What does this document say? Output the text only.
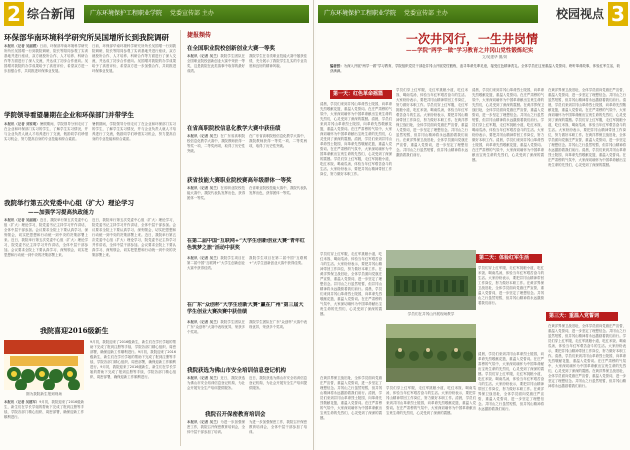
2 综合新闻	广东环境保护工程职业学院 党委宣传部 主办
环保部华南环境科学研究所吴国增所长到我院调研
本报讯（记者 吴丽媛）日前，环保部华南环境科学研究所所长吴国增一行到我院调研，院长等陪同参观了实训基地并进行座谈，双方就校所合作、人才培养、科研合作等方面进行了深入交流，并达成了初步合作意向。吴国增对我院的办学成果给予了高度评价，希望双方进一步加强合作，共同推进环保事业发展。
日前，环保部华南环境科学研究所所长吴国增一行到我院调研，院长等陪同参观了实训基地并进行座谈，双方就校所合作、人才培养、科研合作等方面进行了深入交流，并达成了初步合作意向。吴国增对我院的办学成果给予了高度评价，希望双方进一步加强合作，共同推进环保事业发展。
学院领导看望暑期在企业和环保部门并带学生
本报讯（记者 刘家明）暑假期间，学院领导分别走访了在企业和环保部门实习的学生，了解学生实习情况，并与企业负责人就人才培养进行了交流，勉励同学们珍惜实习机会，努力提高自身的专业技能和综合素质。
暑假期间，学院领导分别走访了在企业和环保部门实习的学生，了解学生实习情况，并与企业负责人就人才培养进行了交流，勉励同学们珍惜实习机会，努力提高自身的专业技能和综合素质。
我院举行第五次党委中心组（扩大）理论学习
——加强学习提高执政能力
本报讯（记者 吴丽娟）近日，我院举行第五次党委中心组（扩大）理论学习，院党委书记主持学习并作讲话，全体中层干部参加。会议要求全院上下要认真学习、深刻领会，切实把思想和行动统一到中央的决策部署上来。近日，我院举行第五次党委中心组（扩大）理论学习，院党委书记主持学习并作讲话，全体中层干部参加。会议要求全院上下要认真学习、深刻领会，切实把思想和行动统一到中央的决策部署上来。
近日，我院举行第五次党委中心组（扩大）理论学习，院党委书记主持学习并作讲话，全体中层干部参加。会议要求全院上下要认真学习、深刻领会，切实把思想和行动统一到中央的决策部署上来。近日，我院举行第五次党委中心组（扩大）理论学习，院党委书记主持学习并作讲话，全体中层干部参加。会议要求全院上下要认真学习、深刻领会，切实把思想和行动统一到中央的决策部署上来。
我院喜迎2016级新生
图为我院新生报到现场
本报讯（记者 吴建军）9月初，我院迎来了2016级新生，新生们在学长学姐的帮助下完成了报到注册等手续，学院各部门精心组织、周密部署，确保迎新工作顺利进行。
9月初，我院迎来了2016级新生，新生们在学长学姐的帮助下完成了报到注册等手续，学院各部门精心组织、周密部署，确保迎新工作顺利进行。9月初，我院迎来了2016级新生，新生们在学长学姐的帮助下完成了报到注册等手续，学院各部门精心组织、周密部署，确保迎新工作顺利进行。9月初，我院迎来了2016级新生，新生们在学长学姐的帮助下完成了报到注册等手续，学院各部门精心组织、周密部署，确保迎新工作顺利进行。
捷报频传
在全国职业院校创新创业大赛一等奖
本报讯（记者 吴兰）我院学生团队在全国职业院校创新创业大赛中荣获一等奖，这是我院在此类赛事中取得的最好成绩。
我院学生在各类职业技能大赛中屡获佳绩，充分展示了我院学生扎实的专业功底和良好的精神风貌。
在省高职院校信息化教学大赛中获佳绩
本报讯（记者 吴兰）在广东省高职院校信息化教学大赛中，我院教师获得一等奖一项、二等奖两项，取得了历史性突破。
在广东省高职院校信息化教学大赛中，我院教师获得一等奖一项、二等奖两项，取得了历史性突破。
获省技能大赛职业院校赛高年级群体一等奖
本报讯（记者 吴兰）在省职业院校技能大赛中，我院代表队发挥出色，获得团体一等奖。
在省职业院校技能大赛中，我院代表队发挥出色，获得团体一等奖。
在第二届中国“互联网+”大学生创新创业大赛“青年红色筑梦之旅”活动中获奖
本报讯（记者 吴兰）我院学生项目在第二届中国“互联网+”大学生创新创业大赛中获得佳绩。
我院学生项目在第二届中国“互联网+”大学生创新创业大赛中获得佳绩。
在广东“众创杯”大学生创新大赛“赢在广州”第三届大学生创业大赛决赛中获佳绩
本报讯（记者 吴兰）我院学生团队在广东“众创杯”大赛中表现优异，荣获多个奖项。
我院学生团队在广东“众创杯”大赛中表现优异，荣获多个奖项。
我院获选为佛山市安全培训信息登记机构
本报讯（记者 吴兰）近日，我院获选为佛山市安全培训信息登记机构，为社会开展安全生产培训提供服务。
近日，我院获选为佛山市安全培训信息登记机构，为社会开展安全生产培训提供服务。
我院召开保密教育培训会
本报讯（记者 吴兰）为进一步加强保密工作，我院召开保密教育培训会，全体中层干部参加了培训。
为进一步加强保密工作，我院召开保密教育培训会，全体中层干部参加了培训。
广东环境保护工程职业学院 党委宣传部 主办	校园视点 3
一次井冈行，一生井岗情
——学院“两学一做”学习教育之井冈山党性锻炼纪实
文/吴建华 图/刘
编者按：为深入开展“两学一做”学习教育，学院组织党员干部赴井冈山开展党性锻炼，追寻革命先辈足迹，接受红色精神洗礼。全体学员在这里重温入党誓词，聆听革命故事，体验红军生活，收获满满。
第一天：红色革命摇篮
清晨，学员们来到井冈山革命烈士陵园，向革命先烈敬献花篮，重温入党誓词。在庄严肃穆的气氛中，大家深切缅怀为中国革命献出宝贵生命的先烈们，心灵受到了深深的震撼。清晨，学员们来到井冈山革命烈士陵园，向革命先烈敬献花篮，重温入党誓词。在庄严肃穆的气氛中，大家深切缅怀为中国革命献出宝贵生命的先烈们，心灵受到了深深的震撼。清晨，学员们来到井冈山革命烈士陵园，向革命先烈敬献花篮，重温入党誓词。在庄严肃穆的气氛中，大家深切缅怀为中国革命献出宝贵生命的先烈们，心灵受到了深深的震撼。学员们穿上红军服，走红军挑粮小道，吃红米饭、喝南瓜汤，体验当年红军艰苦奋斗的生活。大家纷纷表示，要把井冈山精神带回工作岗位，努力做好本职工作。
学员们穿上红军服，走红军挑粮小道，吃红米饭、喝南瓜汤，体验当年红军艰苦奋斗的生活。大家纷纷表示，要把井冈山精神带回工作岗位，努力做好本职工作。学员们穿上红军服，走红军挑粮小道，吃红米饭、喝南瓜汤，体验当年红军艰苦奋斗的生活。大家纷纷表示，要把井冈山精神带回工作岗位，努力做好本职工作。在黄洋界保卫战旧址，全体学员面向党旗庄严宣誓，重温入党誓词，进一步坚定了理想信念。井冈山之行虽然短暂，但井冈山精神将永远激励着我们前行。在黄洋界保卫战旧址，全体学员面向党旗庄严宣誓，重温入党誓词，进一步坚定了理想信念。井冈山之行虽然短暂，但井冈山精神将永远激励着我们前行。
清晨，学员们来到井冈山革命烈士陵园，向革命先烈敬献花篮，重温入党誓词。在庄严肃穆的气氛中，大家深切缅怀为中国革命献出宝贵生命的先烈们，心灵受到了深深的震撼。在黄洋界保卫战旧址，全体学员面向党旗庄严宣誓，重温入党誓词，进一步坚定了理想信念。井冈山之行虽然短暂，但井冈山精神将永远激励着我们前行。学员们穿上红军服，走红军挑粮小道，吃红米饭、喝南瓜汤，体验当年红军艰苦奋斗的生活。大家纷纷表示，要把井冈山精神带回工作岗位，努力做好本职工作。清晨，学员们来到井冈山革命烈士陵园，向革命先烈敬献花篮，重温入党誓词。在庄严肃穆的气氛中，大家深切缅怀为中国革命献出宝贵生命的先烈们，心灵受到了深深的震撼。
在黄洋界保卫战旧址，全体学员面向党旗庄严宣誓，重温入党誓词，进一步坚定了理想信念。井冈山之行虽然短暂，但井冈山精神将永远激励着我们前行。清晨，学员们来到井冈山革命烈士陵园，向革命先烈敬献花篮，重温入党誓词。在庄严肃穆的气氛中，大家深切缅怀为中国革命献出宝贵生命的先烈们，心灵受到了深深的震撼。学员们穿上红军服，走红军挑粮小道，吃红米饭、喝南瓜汤，体验当年红军艰苦奋斗的生活。大家纷纷表示，要把井冈山精神带回工作岗位，努力做好本职工作。在黄洋界保卫战旧址，全体学员面向党旗庄严宣誓，重温入党誓词，进一步坚定了理想信念。井冈山之行虽然短暂，但井冈山精神将永远激励着我们前行。清晨，学员们来到井冈山革命烈士陵园，向革命先烈敬献花篮，重温入党誓词。在庄严肃穆的气氛中，大家深切缅怀为中国革命献出宝贵生命的先烈们，心灵受到了深深的震撼。
学员们穿上红军服，走红军挑粮小道，吃红米饭、喝南瓜汤，体验当年红军艰苦奋斗的生活。大家纷纷表示，要把井冈山精神带回工作岗位，努力做好本职工作。在黄洋界保卫战旧址，全体学员面向党旗庄严宣誓，重温入党誓词，进一步坚定了理想信念。井冈山之行虽然短暂，但井冈山精神将永远激励着我们前行。清晨，学员们来到井冈山革命烈士陵园，向革命先烈敬献花篮，重温入党誓词。在庄严肃穆的气氛中，大家深切缅怀为中国革命献出宝贵生命的先烈们，心灵受到了深深的震撼。
第二天：体验红军生活
学员们穿上红军服，走红军挑粮小道，吃红米饭、喝南瓜汤，体验当年红军艰苦奋斗的生活。大家纷纷表示，要把井冈山精神带回工作岗位，努力做好本职工作。在黄洋界保卫战旧址，全体学员面向党旗庄严宣誓，重温入党誓词，进一步坚定了理想信念。井冈山之行虽然短暂，但井冈山精神将永远激励着我们前行。
学员们在井冈山开展现场教学	第三天：重温入党誓词
在黄洋界保卫战旧址，全体学员面向党旗庄严宣誓，重温入党誓词，进一步坚定了理想信念。井冈山之行虽然短暂，但井冈山精神将永远激励着我们前行。清晨，学员们来到井冈山革命烈士陵园，向革命先烈敬献花篮，重温入党誓词。在庄严肃穆的气氛中，大家深切缅怀为中国革命献出宝贵生命的先烈们，心灵受到了深深的震撼。
清晨，学员们来到井冈山革命烈士陵园，向革命先烈敬献花篮，重温入党誓词。在庄严肃穆的气氛中，大家深切缅怀为中国革命献出宝贵生命的先烈们，心灵受到了深深的震撼。学员们穿上红军服，走红军挑粮小道，吃红米饭、喝南瓜汤，体验当年红军艰苦奋斗的生活。大家纷纷表示，要把井冈山精神带回工作岗位，努力做好本职工作。在黄洋界保卫战旧址，全体学员面向党旗庄严宣誓，重温入党誓词，进一步坚定了理想信念。井冈山之行虽然短暂，但井冈山精神将永远激励着我们前行。
在黄洋界保卫战旧址，全体学员面向党旗庄严宣誓，重温入党誓词，进一步坚定了理想信念。井冈山之行虽然短暂，但井冈山精神将永远激励着我们前行。学员们穿上红军服，走红军挑粮小道，吃红米饭、喝南瓜汤，体验当年红军艰苦奋斗的生活。大家纷纷表示，要把井冈山精神带回工作岗位，努力做好本职工作。清晨，学员们来到井冈山革命烈士陵园，向革命先烈敬献花篮，重温入党誓词。在庄严肃穆的气氛中，大家深切缅怀为中国革命献出宝贵生命的先烈们，心灵受到了深深的震撼。在黄洋界保卫战旧址，全体学员面向党旗庄严宣誓，重温入党誓词，进一步坚定了理想信念。井冈山之行虽然短暂，但井冈山精神将永远激励着我们前行。
学员们穿上红军服，走红军挑粮小道，吃红米饭、喝南瓜汤，体验当年红军艰苦奋斗的生活。大家纷纷表示，要把井冈山精神带回工作岗位，努力做好本职工作。清晨，学员们来到井冈山革命烈士陵园，向革命先烈敬献花篮，重温入党誓词。在庄严肃穆的气氛中，大家深切缅怀为中国革命献出宝贵生命的先烈们，心灵受到了深深的震撼。
